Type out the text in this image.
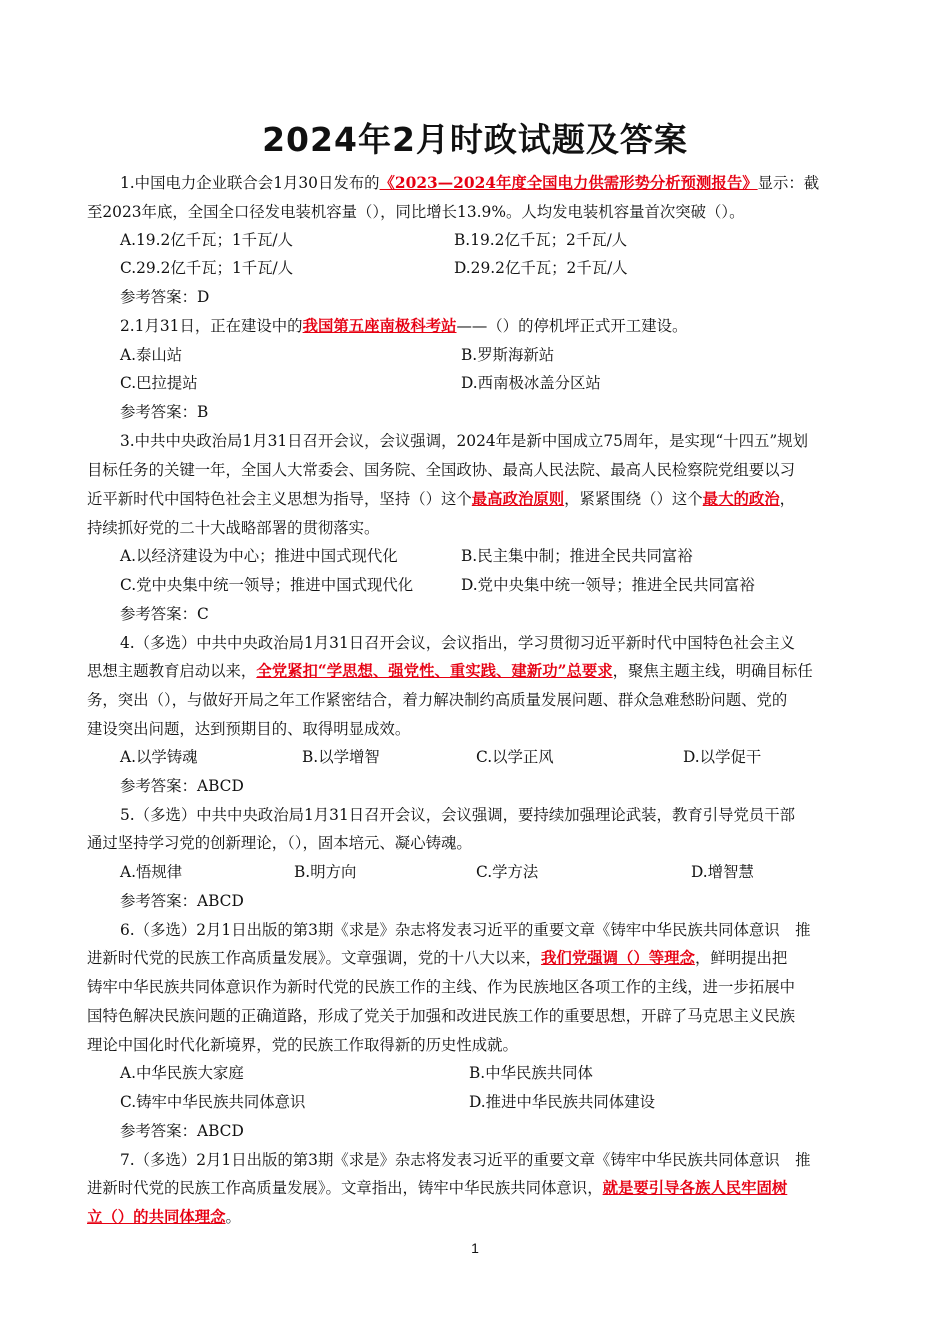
2024年2月时政试题及答案
1.中国电力企业联合会1月30日发布的《2023—2024年度全国电力供需形势分析预测报告》显示：截
至2023年底，全国全口径发电装机容量（），同比增长13.9%。人均发电装机容量首次突破（）。
A.19.2亿千瓦；1千瓦/人	B.19.2亿千瓦；2千瓦/人
C.29.2亿千瓦；1千瓦/人	D.29.2亿千瓦；2千瓦/人
参考答案：D
2.1月31日，正在建设中的我国第五座南极科考站——（）的停机坪正式开工建设。
A.泰山站	B.罗斯海新站
C.巴拉提站	D.西南极冰盖分区站
参考答案：B
3.中共中央政治局1月31日召开会议，会议强调，2024年是新中国成立75周年，是实现“十四五”规划
目标任务的关键一年，全国人大常委会、国务院、全国政协、最高人民法院、最高人民检察院党组要以习
近平新时代中国特色社会主义思想为指导，坚持（）这个最高政治原则，紧紧围绕（）这个最大的政治，
持续抓好党的二十大战略部署的贯彻落实。
A.以经济建设为中心；推进中国式现代化	B.民主集中制；推进全民共同富裕
C.党中央集中统一领导；推进中国式现代化	D.党中央集中统一领导；推进全民共同富裕
参考答案：C
4.（多选）中共中央政治局1月31日召开会议，会议指出，学习贯彻习近平新时代中国特色社会主义
思想主题教育启动以来，全党紧扣“学思想、强党性、重实践、建新功”总要求，聚焦主题主线，明确目标任
务，突出（），与做好开局之年工作紧密结合，着力解决制约高质量发展问题、群众急难愁盼问题、党的
建设突出问题，达到预期目的、取得明显成效。
A.以学铸魂	B.以学增智	C.以学正风	D.以学促干
参考答案：ABCD
5.（多选）中共中央政治局1月31日召开会议，会议强调，要持续加强理论武装，教育引导党员干部
通过坚持学习党的创新理论，（），固本培元、凝心铸魂。
A.悟规律	B.明方向	C.学方法	D.增智慧
参考答案：ABCD
6.（多选）2月1日出版的第3期《求是》杂志将发表习近平的重要文章《铸牢中华民族共同体意识　推
进新时代党的民族工作高质量发展》。文章强调，党的十八大以来，我们党强调（）等理念，鲜明提出把
铸牢中华民族共同体意识作为新时代党的民族工作的主线、作为民族地区各项工作的主线，进一步拓展中
国特色解决民族问题的正确道路，形成了党关于加强和改进民族工作的重要思想，开辟了马克思主义民族
理论中国化时代化新境界，党的民族工作取得新的历史性成就。
A.中华民族大家庭	B.中华民族共同体
C.铸牢中华民族共同体意识	D.推进中华民族共同体建设
参考答案：ABCD
7.（多选）2月1日出版的第3期《求是》杂志将发表习近平的重要文章《铸牢中华民族共同体意识　推
进新时代党的民族工作高质量发展》。文章指出，铸牢中华民族共同体意识，就是要引导各族人民牢固树
立（）的共同体理念。
1
